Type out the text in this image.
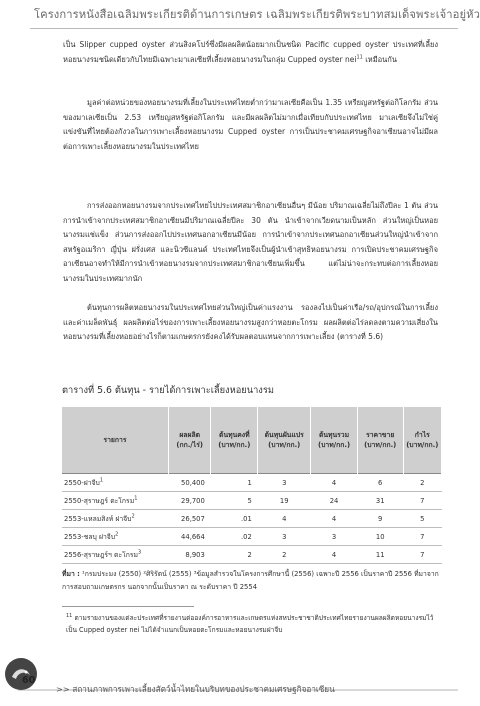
โครงการหนังสือเฉลิมพระเกียรติด้านการเกษตร เฉลิมพระเกียรติพระบาทสมเด็จพระเจ้าอยู่หัว
เป็น Slipper cupped oyster ส่วนสิงคโปร์ซึ่งมีผลผลิตน้อยมากเป็นชนิด Pacific cupped oyster ประเทศที่เลี้ยงหอยนางรมชนิดเดียวกับไทยมีเฉพาะมาเลเซียที่เลี้ยงหอยนางรมในกลุ่ม Cupped oyster nei$^{11}$ เหมือนกัน
มูลค่าต่อหน่วยของหอยนางรมที่เลี้ยงในประเทศไทยต่ำกว่ามาเลเซียคือเป็น 1.35 เหรียญสหรัฐต่อกิโลกรัม ส่วนของมาเลเซียเป็น 2.53 เหรียญสหรัฐต่อกิโลกรัม และมีผลผลิตไม่มากเมื่อเทียบกับประเทศไทย มาเลเซียจึงไม่ใช่คู่แข่งขันที่ไทยต้องกังวลในการเพาะเลี้ยงหอยนางรม Cupped oyster การเป็นประชาคมเศรษฐกิจอาเซียนอาจไม่มีผลต่อการเพาะเลี้ยงหอยนางรมในประเทศไทย
การส่งออกหอยนางรมจากประเทศไทยไปประเทศสมาชิกอาเซียนอื่นๆ มีน้อย ปริมาณเฉลี่ยไม่ถึงปีละ 1 ตัน ส่วนการนำเข้าจากประเทศสมาชิกอาเซียนมีปริมาณเฉลี่ยปีละ 30 ตัน นำเข้าจากเวียดนามเป็นหลัก ส่วนใหญ่เป็นหอยนางรมแช่แข็ง ส่วนการส่งออกไปประเทศนอกอาเซียนมีน้อย การนำเข้าจากประเทศนอกอาเซียนส่วนใหญ่นำเข้าจากสหรัฐอเมริกา ญี่ปุ่น ฝรั่งเศส และนิวซีแลนด์ ประเทศไทยจึงเป็นผู้นำเข้าสุทธิหอยนางรม การเปิดประชาคมเศรษฐกิจอาเซียนอาจทำให้มีการนำเข้าหอยนางรมจากประเทศสมาชิกอาเซียนเพิ่มขึ้น แต่ไม่น่าจะกระทบต่อการเลี้ยงหอยนางรมในประเทศมากนัก
ต้นทุนการผลิตหอยนางรมในประเทศไทยส่วนใหญ่เป็นค่าแรงงาน รองลงไปเป็นค่าเรือ/รถ/อุปกรณ์ในการเลี้ยงและค่าเมล็ดพันธุ์ ผลผลิตต่อไร่ของการเพาะเลี้ยงหอยนางรมสูงกว่าหอยตะโกรม ผลผลิตต่อไร่ลดลงตามความเสี่ยงในหอยนางรมที่เลี้ยงหอยอย่างไรก็ตามเกษตรกรยังคงได้รับผลตอบแทนจากการเพาะเลี้ยง (ตารางที่ 5.6)
ตารางที่ 5.6 ต้นทุน - รายได้การเพาะเลี้ยงหอยนางรม
รายการ	ผลผลิต (กก./ไร่)	ต้นทุนคงที่ (บาท/กก.)	ต้นทุนผันแปร (บาท/กก.)	ต้นทุนรวม (บาท/กก.)	ราคาขาย (บาท/กก.)	กำไร (บาท/กก.)
2550-ฝาจีบ$^1$	50,400	1	3	4	6	2
2550-สุราษฎร์ ตะโกรม$^1$	29,700	5	19	24	31	7
2553-แหลมสิงห์ ฝาจีบ$^2$	26,507	.01	4	4	9	5
2553-ชลบุ ฝาจีบ$^2$	44,664	.02	3	3	10	7
2556-สุราษฎร์ฯ ตะโกรม$^3$	8,903	2	2	4	11	7
ที่มา : ¹กรมประมง (2550) ²ศิริรัตน์ (2555) ³ข้อมูลสำรวจในโครงการศึกษานี้ (2556) เฉพาะปี 2556 เป็นราคาปี 2556 ที่มาจากการสอบถามเกษตรกร นอกจากนั้นเป็นราคา ณ ระดับราคา ปี 2554
$^{11}$ ตามรายงานของแต่ละประเทศที่รายงานต่อองค์การอาหารและเกษตรแห่งสหประชาชาติประเทศไทยรายงานผลผลิตหอยนางรมไว้เป็น Cupped oyster nei ไม่ได้จำแนกเป็นหอยตะโกรมและหอยนางรมฝาจีบ
60
>> สถานภาพการเพาะเลี้ยงสัตว์น้ำไทยในบริบทของประชาคมเศรษฐกิจอาเซียน
